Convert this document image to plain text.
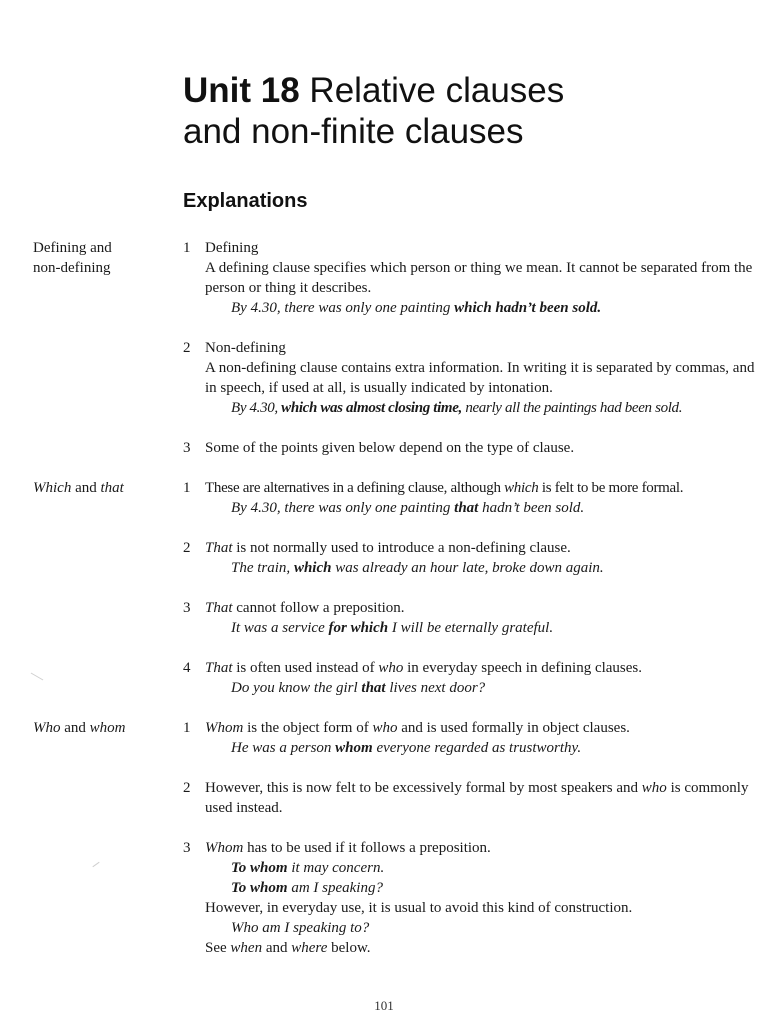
Unit 18 Relative clauses
and non-finite clauses
Explanations
Defining and
non-defining
Which and that
Who and whom
1 Defining
A defining clause specifies which person or thing we mean. It cannot be separated from the person or thing it describes.
By 4.30, there was only one painting which hadn’t been sold.
2 Non-defining
A non-defining clause contains extra information. In writing it is separated by commas, and in speech, if used at all, is usually indicated by intonation.
By 4.30, which was almost closing time, nearly all the paintings had been sold.
3 Some of the points given below depend on the type of clause.
1 These are alternatives in a defining clause, although which is felt to be more formal.
By 4.30, there was only one painting that hadn’t been sold.
2 That is not normally used to introduce a non-defining clause.
The train, which was already an hour late, broke down again.
3 That cannot follow a preposition.
It was a service for which I will be eternally grateful.
4 That is often used instead of who in everyday speech in defining clauses.
Do you know the girl that lives next door?
1 Whom is the object form of who and is used formally in object clauses.
He was a person whom everyone regarded as trustworthy.
2 However, this is now felt to be excessively formal by most speakers and who is commonly used instead.
3 Whom has to be used if it follows a preposition.
To whom it may concern.
To whom am I speaking?
However, in everyday use, it is usual to avoid this kind of construction.
Who am I speaking to?
See when and where below.
101
